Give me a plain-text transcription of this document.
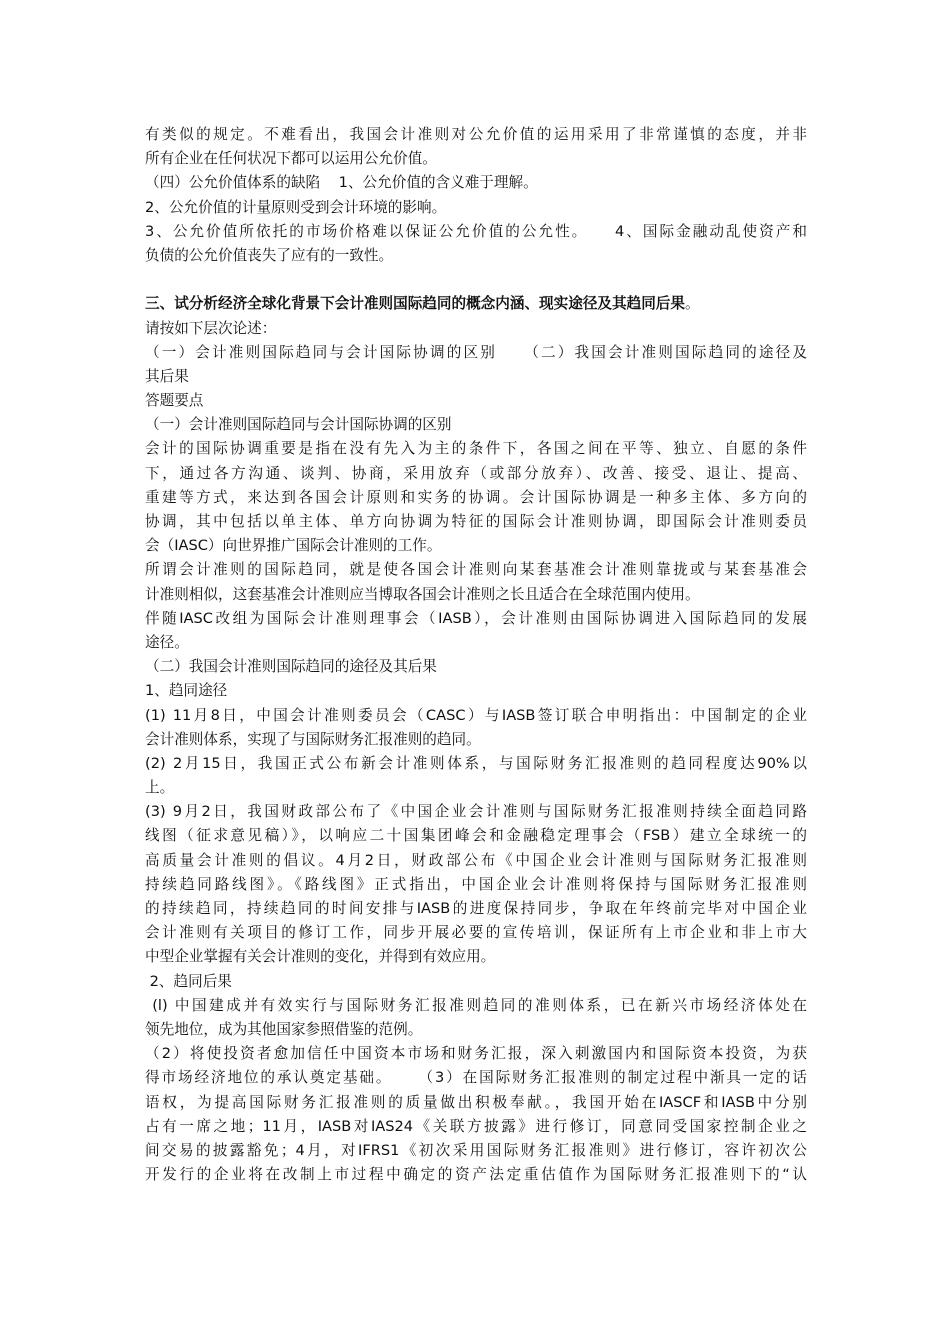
有类似的规定。不难看出，我国会计准则对公允价值的运用采用了非常谨慎的态度，并非
所有企业在任何状况下都可以运用公允价值。
（四）公允价值体系的缺陷    1、公允价值的含义难于理解。
2、公允价值的计量原则受到会计环境的影响。
3、公允价值所依托的市场价格难以保证公允价值的公允性。    4、国际金融动乱使资产和
负债的公允价值丧失了应有的一致性。
三、试分析经济全球化背景下会计准则国际趋同的概念内涵、现实途径及其趋同后果。
请按如下层次论述：
（一）会计准则国际趋同与会计国际协调的区别    （二）我国会计准则国际趋同的途径及
其后果
答题要点
（一）会计准则国际趋同与会计国际协调的区别
会计的国际协调重要是指在没有先入为主的条件下，各国之间在平等、独立、自愿的条件
下，通过各方沟通、谈判、协商，采用放弃（或部分放弃）、改善、接受、退让、提高、
重建等方式，来达到各国会计原则和实务的协调。会计国际协调是一种多主体、多方向的
协调，其中包括以单主体、单方向协调为特征的国际会计准则协调，即国际会计准则委员
会（IASC）向世界推广国际会计准则的工作。
所谓会计准则的国际趋同，就是使各国会计准则向某套基准会计准则靠拢或与某套基准会
计准则相似，这套基准会计准则应当博取各国会计准则之长且适合在全球范围内使用。
伴随IASC改组为国际会计准则理事会（IASB），会计准则由国际协调进入国际趋同的发展
途径。
（二）我国会计准则国际趋同的途径及其后果
1、趋同途径
(1) 11月8日，中国会计准则委员会（CASC）与IASB签订联合申明指出：中国制定的企业
会计准则体系，实现了与国际财务汇报准则的趋同。
(2) 2月15日，我国正式公布新会计准则体系，与国际财务汇报准则的趋同程度达90%以
上。
(3) 9月2日，我国财政部公布了《中国企业会计准则与国际财务汇报准则持续全面趋同路
线图（征求意见稿）》，以响应二十国集团峰会和金融稳定理事会（FSB）建立全球统一的
高质量会计准则的倡议。4月2日，财政部公布《中国企业会计准则与国际财务汇报准则
持续趋同路线图》。《路线图》正式指出，中国企业会计准则将保持与国际财务汇报准则
的持续趋同，持续趋同的时间安排与IASB的进度保持同步，争取在年终前完毕对中国企业
会计准则有关项目的修订工作，同步开展必要的宣传培训，保证所有上市企业和非上市大
中型企业掌握有关会计准则的变化，并得到有效应用。
2、趋同后果
(l) 中国建成并有效实行与国际财务汇报准则趋同的准则体系，已在新兴市场经济体处在
领先地位，成为其他国家参照借鉴的范例。
（2）将使投资者愈加信任中国资本市场和财务汇报，深入刺激国内和国际资本投资，为获
得市场经济地位的承认奠定基础。    （3）在国际财务汇报准则的制定过程中渐具一定的话
语权，为提高国际财务汇报准则的质量做出积极奉献。，我国开始在IASCF和IASB中分别
占有一席之地；11月，IASB对IAS24《关联方披露》进行修订，同意同受国家控制企业之
间交易的披露豁免；4月，对IFRS1《初次采用国际财务汇报准则》进行修订，容许初次公
开发行的企业将在改制上市过程中确定的资产法定重估值作为国际财务汇报准则下的“认
